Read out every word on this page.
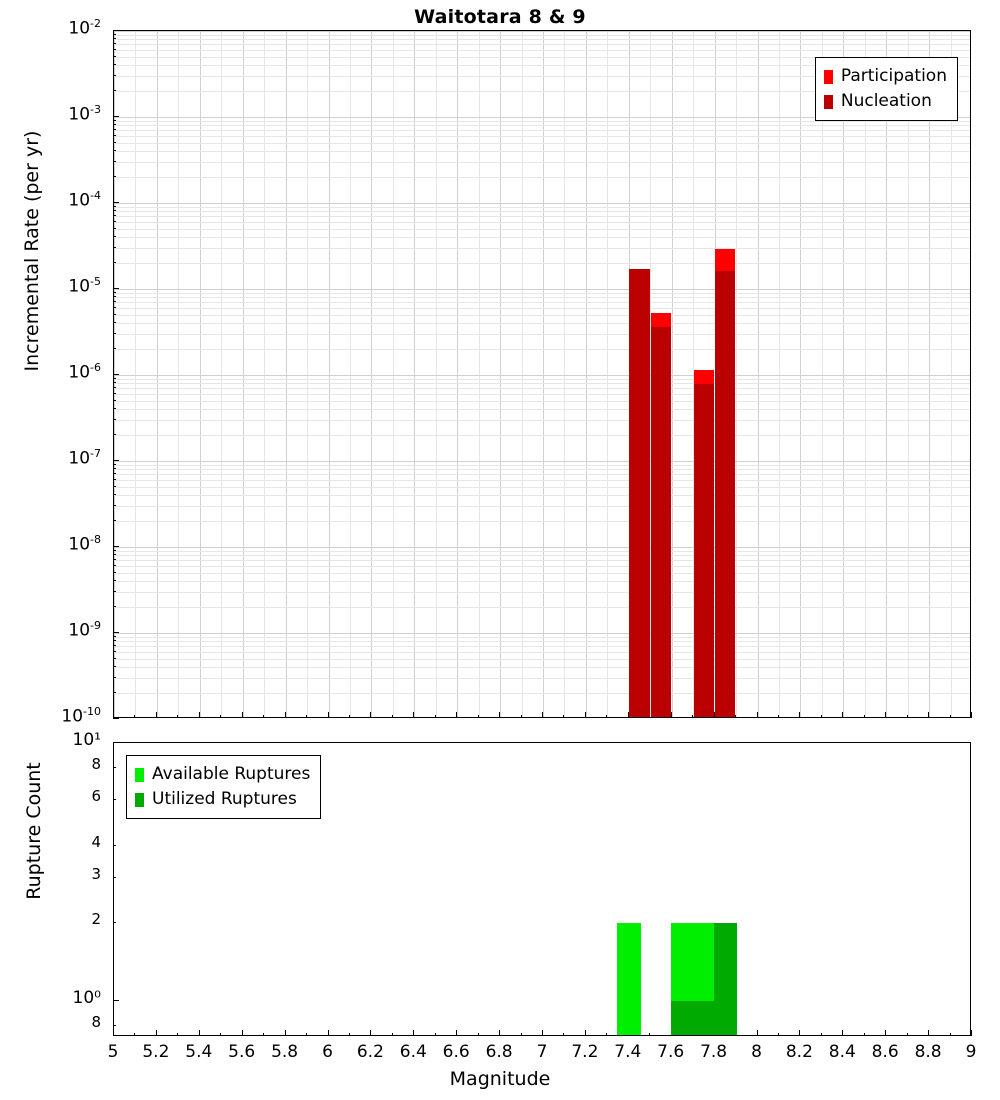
Waitotara 8 & 9
Incremental Rate (per yr)
Rupture Count
Magnitude
Participation
Nucleation
$10^{-2}$
$10^{-3}$
$10^{-4}$
$10^{-5}$
$10^{-6}$
$10^{-7}$
$10^{-8}$
$10^{-9}$
$10^{-10}$
Available Ruptures
Utilized Ruptures
10¹
8
6
4
3
2
10⁰
8
5	5.2 5.4 5.6 5.8	6	6.2 6.4 6.6 6.8	7	7.2 7.4 7.6 7.8	8	8.2 8.4 8.6 8.8	9
